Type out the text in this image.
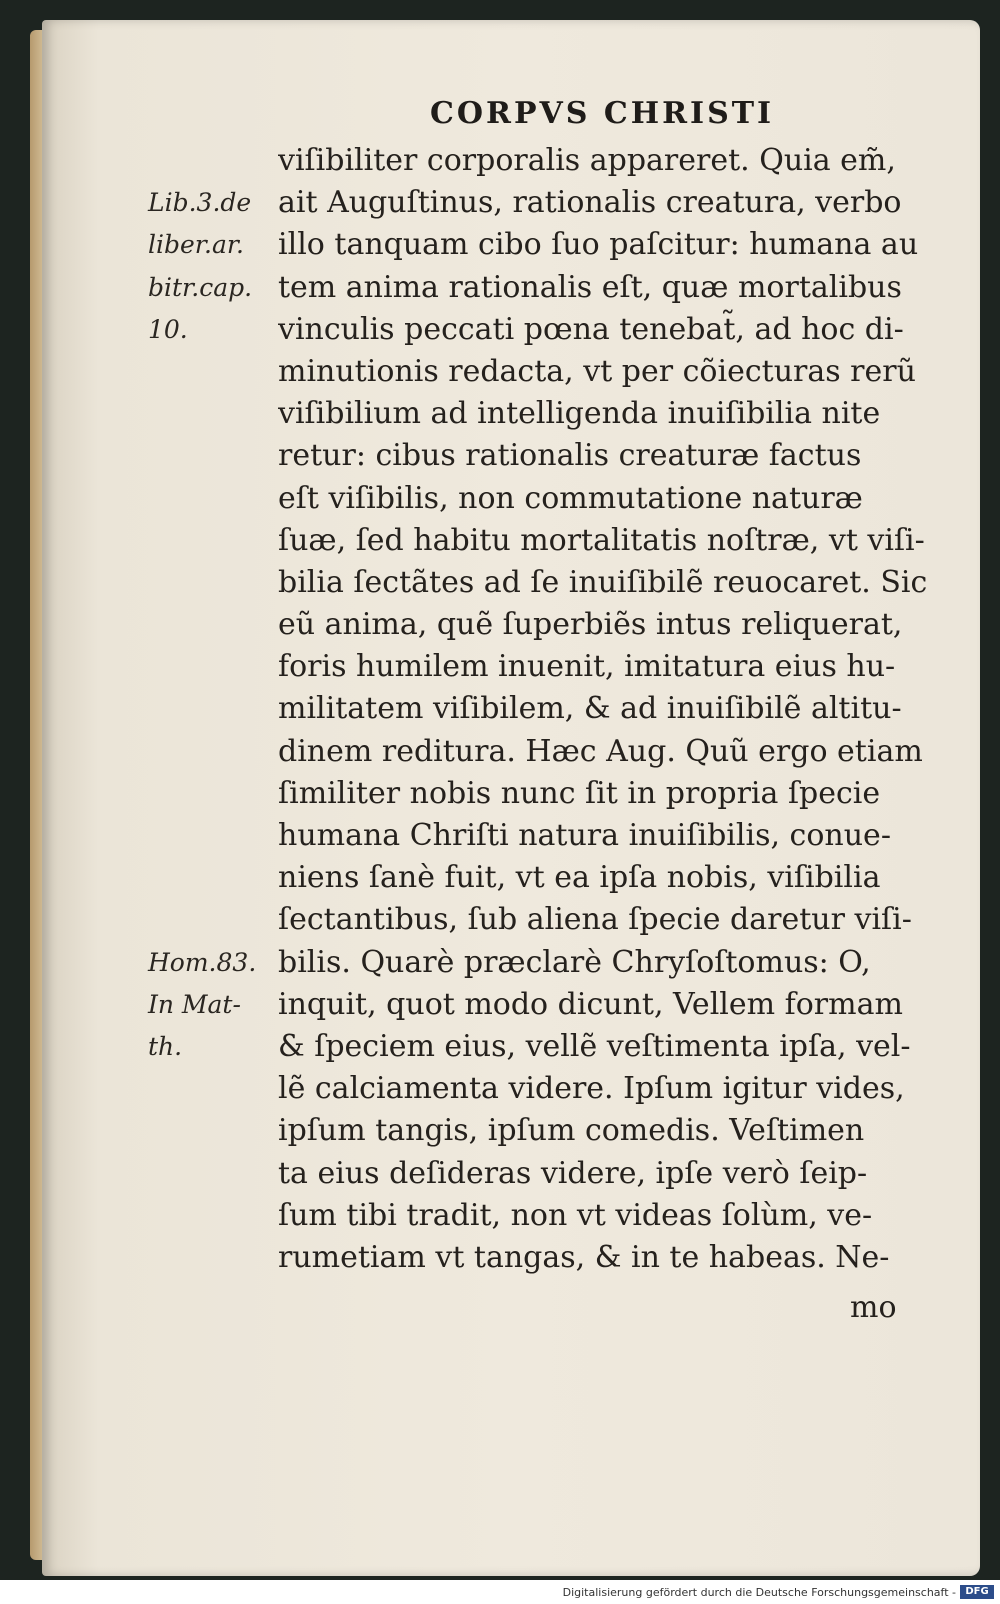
CORPVS CHRISTI
viſibiliter corporalis appareret. Quia em̃,
ait Auguſtinus, rationalis creatura, verbo
illo tanquam cibo ſuo paſcitur: humana au
tem anima rationalis eſt, quæ mortalibus
vinculis peccati pœna tenebat̃, ad hoc di-
minutionis redacta, vt per cõiecturas rerũ
viſibilium ad intelligenda inuiſibilia nite
retur: cibus rationalis creaturæ factus
eſt viſibilis, non commutatione naturæ
ſuæ, ſed habitu mortalitatis noſtræ, vt viſi-
bilia ſectãtes ad ſe inuiſibilẽ reuocaret. Sic
eũ anima, quẽ ſuperbiẽs intus reliquerat,
foris humilem inuenit, imitatura eius hu-
militatem viſibilem, & ad inuiſibilẽ altitu-
dinem reditura. Hæc Aug. Quũ ergo etiam
ſimiliter nobis nunc ſit in propria ſpecie
humana Chriſti natura inuiſibilis, conue-
niens ſanè fuit, vt ea ipſa nobis, viſibilia
ſectantibus, ſub aliena ſpecie daretur viſi-
bilis. Quarè præclarè Chryſoſtomus: O,
inquit, quot modo dicunt, Vellem formam
& ſpeciem eius, vellẽ veſtimenta ipſa, vel-
lẽ calciamenta videre. Ipſum igitur vides,
ipſum tangis, ipſum comedis. Veſtimen
ta eius deſideras videre, ipſe verò ſeip-
ſum tibi tradit, non vt videas ſolùm, ve-
rumetiam vt tangas, & in te habeas. Ne-
Lib.3.de
liber.ar.
bitr.cap.
10.
Hom.83.
In Mat-
th.
mo
Digitalisierung gefördert durch die Deutsche Forschungsgemeinschaft - DFG
